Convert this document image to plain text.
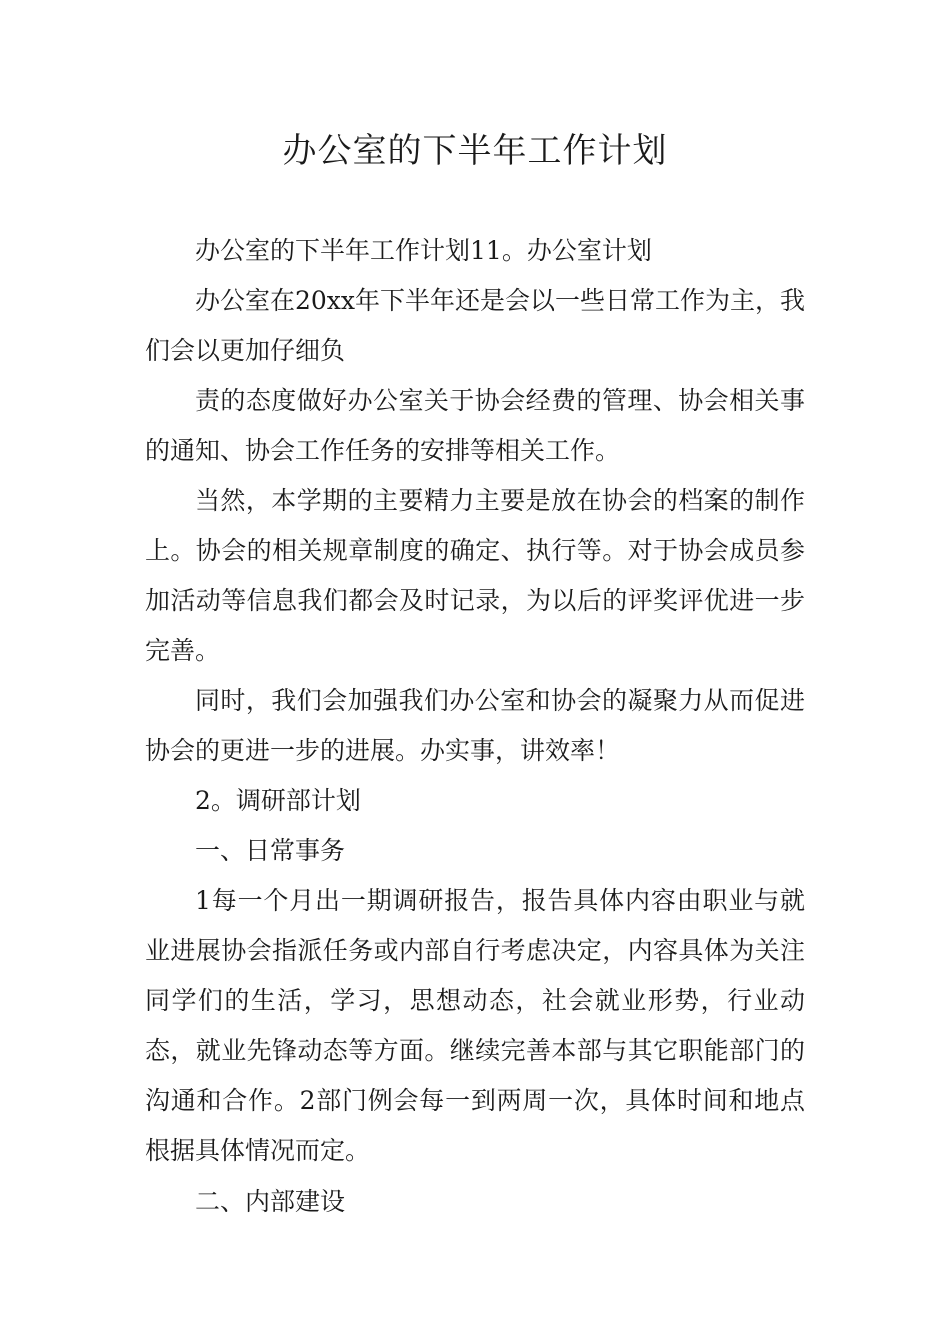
办公室的下半年工作计划

办公室的下半年工作计划11。办公室计划

办公室在20xx年下半年还是会以一些日常工作为主，我们会以更加仔细负

责的态度做好办公室关于协会经费的管理、协会相关事的通知、协会工作任务的安排等相关工作。

当然，本学期的主要精力主要是放在协会的档案的制作上。协会的相关规章制度的确定、执行等。对于协会成员参加活动等信息我们都会及时记录，为以后的评奖评优进一步完善。

同时，我们会加强我们办公室和协会的凝聚力从而促进协会的更进一步的进展。办实事，讲效率！

2。调研部计划

一、日常事务

1每一个月出一期调研报告，报告具体内容由职业与就业进展协会指派任务或内部自行考虑决定，内容具体为关注同学们的生活，学习，思想动态，社会就业形势，行业动态，就业先锋动态等方面。继续完善本部与其它职能部门的沟通和合作。2部门例会每一到两周一次，具体时间和地点根据具体情况而定。

二、内部建设
